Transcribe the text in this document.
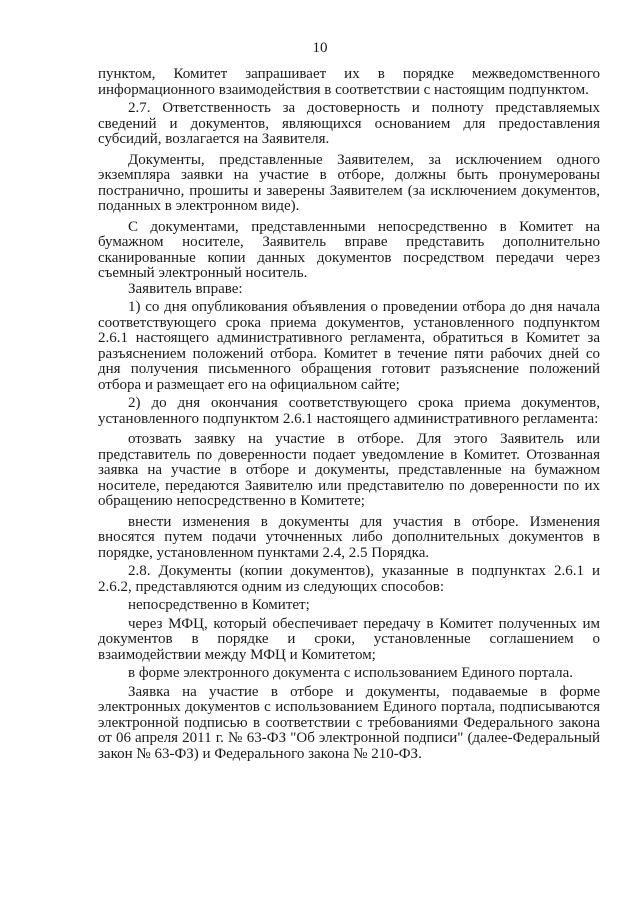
10

пунктом, Комитет запрашивает их в порядке межведомственного информационного взаимодействия в соответствии с настоящим подпунктом.

2.7. Ответственность за достоверность и полноту представляемых сведений и документов, являющихся основанием для предоставления субсидий, возлагается на Заявителя.

Документы, представленные Заявителем, за исключением одного экземпляра заявки на участие в отборе, должны быть пронумерованы постранично, прошиты и заверены Заявителем (за исключением документов, поданных в электронном виде).

С документами, представленными непосредственно в Комитет на бумажном носителе, Заявитель вправе представить дополнительно сканированные копии данных документов посредством передачи через съемный электронный носитель.

Заявитель вправе:

1) со дня опубликования объявления о проведении отбора до дня начала соответствующего срока приема документов, установленного подпунктом 2.6.1 настоящего административного регламента, обратиться в Комитет за разъяснением положений отбора. Комитет в течение пяти рабочих дней со дня получения письменного обращения готовит разъяснение положений отбора и размещает его на официальном сайте;

2) до дня окончания соответствующего срока приема документов, установленного подпунктом 2.6.1 настоящего административного регламента:

отозвать заявку на участие в отборе. Для этого Заявитель или представитель по доверенности подает уведомление в Комитет. Отозванная заявка на участие в отборе и документы, представленные на бумажном носителе, передаются Заявителю или представителю по доверенности по их обращению непосредственно в Комитете;

внести изменения в документы для участия в отборе. Изменения вносятся путем подачи уточненных либо дополнительных документов в порядке, установленном пунктами 2.4, 2.5 Порядка.

2.8. Документы (копии документов), указанные в подпунктах 2.6.1 и 2.6.2, представляются одним из следующих способов:

непосредственно в Комитет;

через МФЦ, который обеспечивает передачу в Комитет полученных им документов в порядке и сроки, установленные соглашением о взаимодействии между МФЦ и Комитетом;

в форме электронного документа с использованием Единого портала.

Заявка на участие в отборе и документы, подаваемые в форме электронных документов с использованием Единого портала, подписываются электронной подписью в соответствии с требованиями Федерального закона от 06 апреля 2011 г. № 63-ФЗ "Об электронной подписи" (далее-Федеральный закон № 63-ФЗ) и Федерального закона № 210-ФЗ.
